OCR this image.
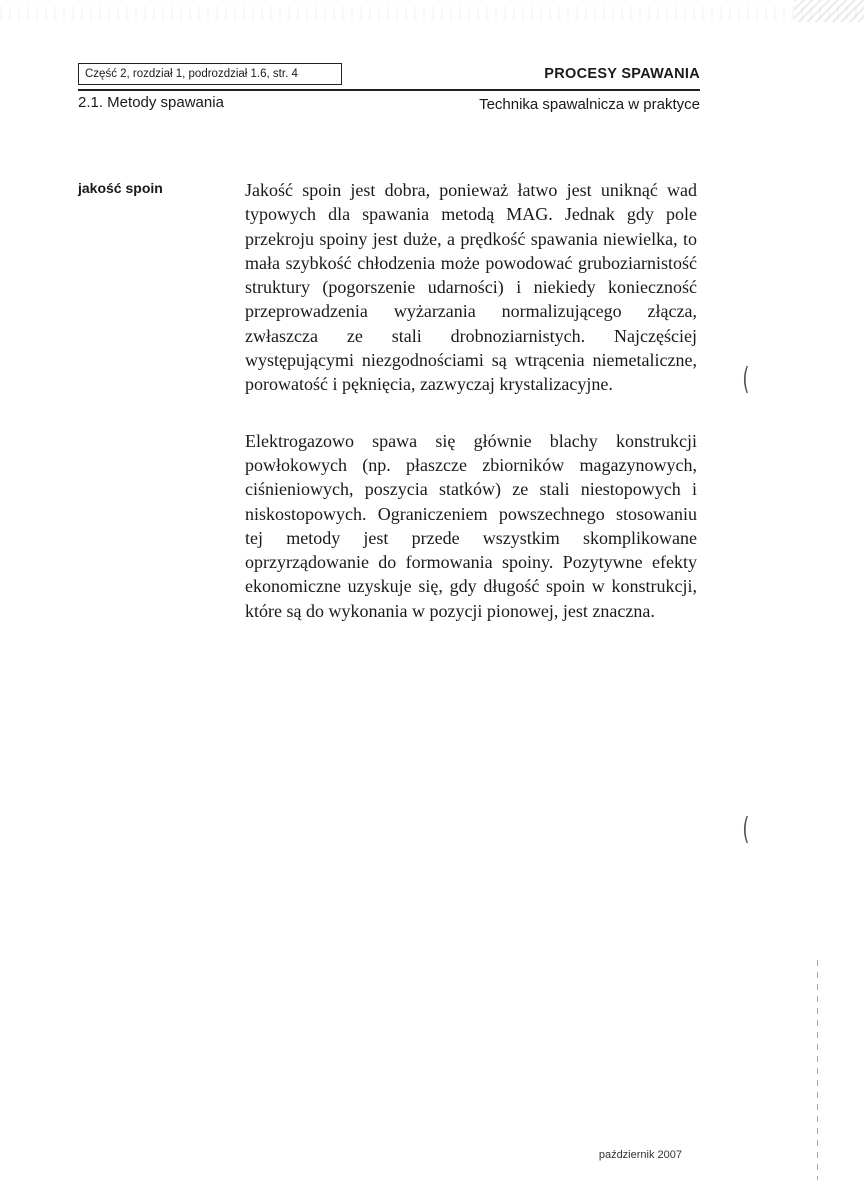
Część 2, rozdział 1, podrozdział 1.6, str. 4	PROCESY SPAWANIA
2.1. Metody spawania	Technika spawalnicza w praktyce
jakość spoin	Jakość spoin jest dobra, ponieważ łatwo jest uniknąć wad typowych dla spawania metodą MAG. Jednak gdy pole przekroju spoiny jest duże, a prędkość spawania niewielka, to mała szybkość chłodzenia może powodować gruboziarnistość struktury (pogorszenie udarności) i niekiedy konieczność przeprowadzenia wyżarzania normalizującego złącza, zwłaszcza ze stali drobnoziarnistych. Najczęściej występującymi niezgodnościami są wtrącenia niemetaliczne, porowatość i pęknięcia, zazwyczaj krystalizacyjne.

Elektrogazowo spawa się głównie blachy konstrukcji powłokowych (np. płaszcze zbiorników magazynowych, ciśnieniowych, poszycia statków) ze stali niestopowych i niskostopowych. Ograniczeniem powszechnego stosowaniu tej metody jest przede wszystkim skomplikowane oprzyrządowanie do formowania spoiny. Pozytywne efekty ekonomiczne uzyskuje się, gdy długość spoin w konstrukcji, które są do wykonania w pozycji pionowej, jest znaczna.

(
(
październik 2007
